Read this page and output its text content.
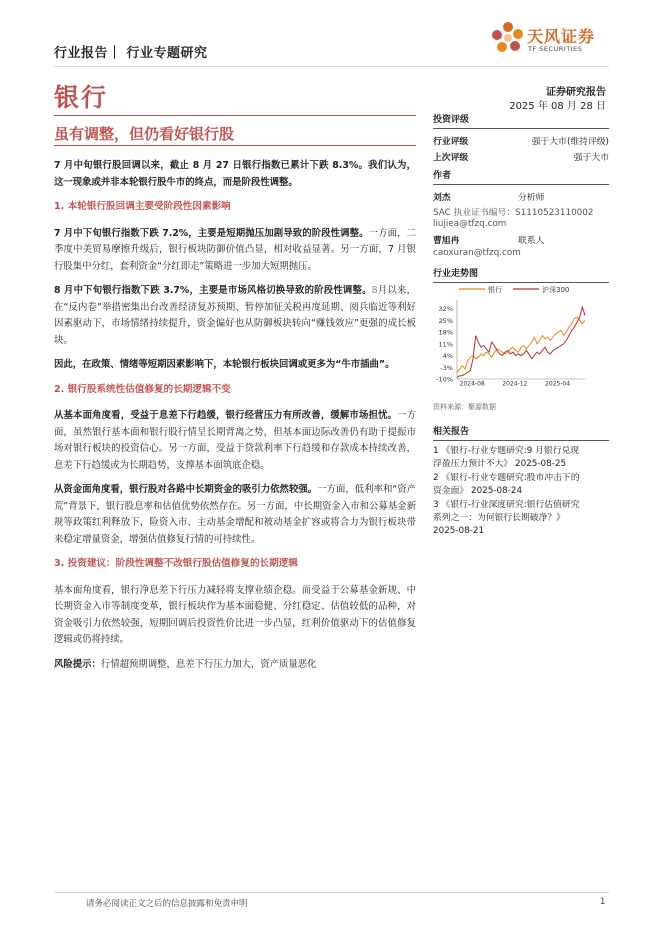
行业报告｜ 行业专题研究
天风证券
TF SECURITIES
银行	证券研究报告
2025 年 08 月 28 日
虽有调整，但仍看好银行股

7 月中旬银行股回调以来，截止 8 月 27 日银行指数已累计下跌 8.3%。我们认为，这一现象或并非本轮银行股牛市的终点，而是阶段性调整。

1. 本轮银行股回调主要受阶段性因素影响

7 月中下旬银行指数下跌 7.2%，主要是短期抛压加剧导致的阶段性调整。一方面，二季度中美贸易摩擦升级后，银行板块防御价值凸显，相对收益显著。另一方面，7 月银行股集中分红，套利资金“分红即走”策略进一步加大短期抛压。

8 月中下旬银行指数下跌 3.7%，主要是市场风格切换导致的阶段性调整。8月以来，在“反内卷”举措密集出台改善经济复苏预期、暂停加征关税再度延期、阅兵临近等利好因素驱动下，市场情绪持续提升，资金偏好也从防御板块转向“赚钱效应”更强的成长板块。

因此，在政策、情绪等短期因素影响下，本轮银行板块回调或更多为“牛市插曲”。

2. 银行股系统性估值修复的长期逻辑不变

从基本面角度看，受益于息差下行趋缓，银行经营压力有所改善，缓解市场担忧。一方面，虽然银行基本面和银行股行情呈长期背离之势，但基本面边际改善仍有助于提振市场对银行板块的投资信心。另一方面，受益于贷款利率下行趋缓和存款成本持续改善，息差下行趋缓或为长期趋势，支撑基本面筑底企稳。

从资金面角度看，银行股对各路中长期资金的吸引力依然较强。一方面，低利率和“资产荒”背景下，银行股息率和估值优势依然存在。另一方面，中长期资金入市和公募基金新规等政策红利释放下，险资入市、主动基金增配和被动基金扩容或将合力为银行板块带来稳定增量资金，增强估值修复行情的可持续性。

3. 投资建议：阶段性调整不改银行股估值修复的长期逻辑

基本面角度看，银行净息差下行压力减轻将支撑业绩企稳。而受益于公募基金新规、中长期资金入市等制度变革，银行板块作为基本面稳健、分红稳定、估值较低的品种，对资金吸引力依然较强，短期回调后投资性价比进一步凸显，红利价值驱动下的估值修复逻辑或仍将持续。

风险提示：行情超预期调整，息差下行压力加大，资产质量恶化

投资评级
行业评级	强于大市(维持评级)
上次评级	强于大市
作者
刘杰	分析师
SAC 执业证书编号：S1110523110002
liujiea@tfzq.com
曹旭冉	联系人
caoxuran@tfzq.com
行业走势图
银行	沪深300
32%
25%
18%
11%
4%
-3%
-10%
2024-08	2024-12	2025-04
资料来源：聚源数据
相关报告
1 《银行-行业专题研究:9 月银行兑现
浮盈压力预计不大》 2025-08-25
2 《银行-行业专题研究:股市冲击下的
资金面》 2025-08-24
3 《银行-行业深度研究:银行估值研究
系列之一：为何银行长期破净？》
2025-08-21
请务必阅读正文之后的信息披露和免责申明	1
